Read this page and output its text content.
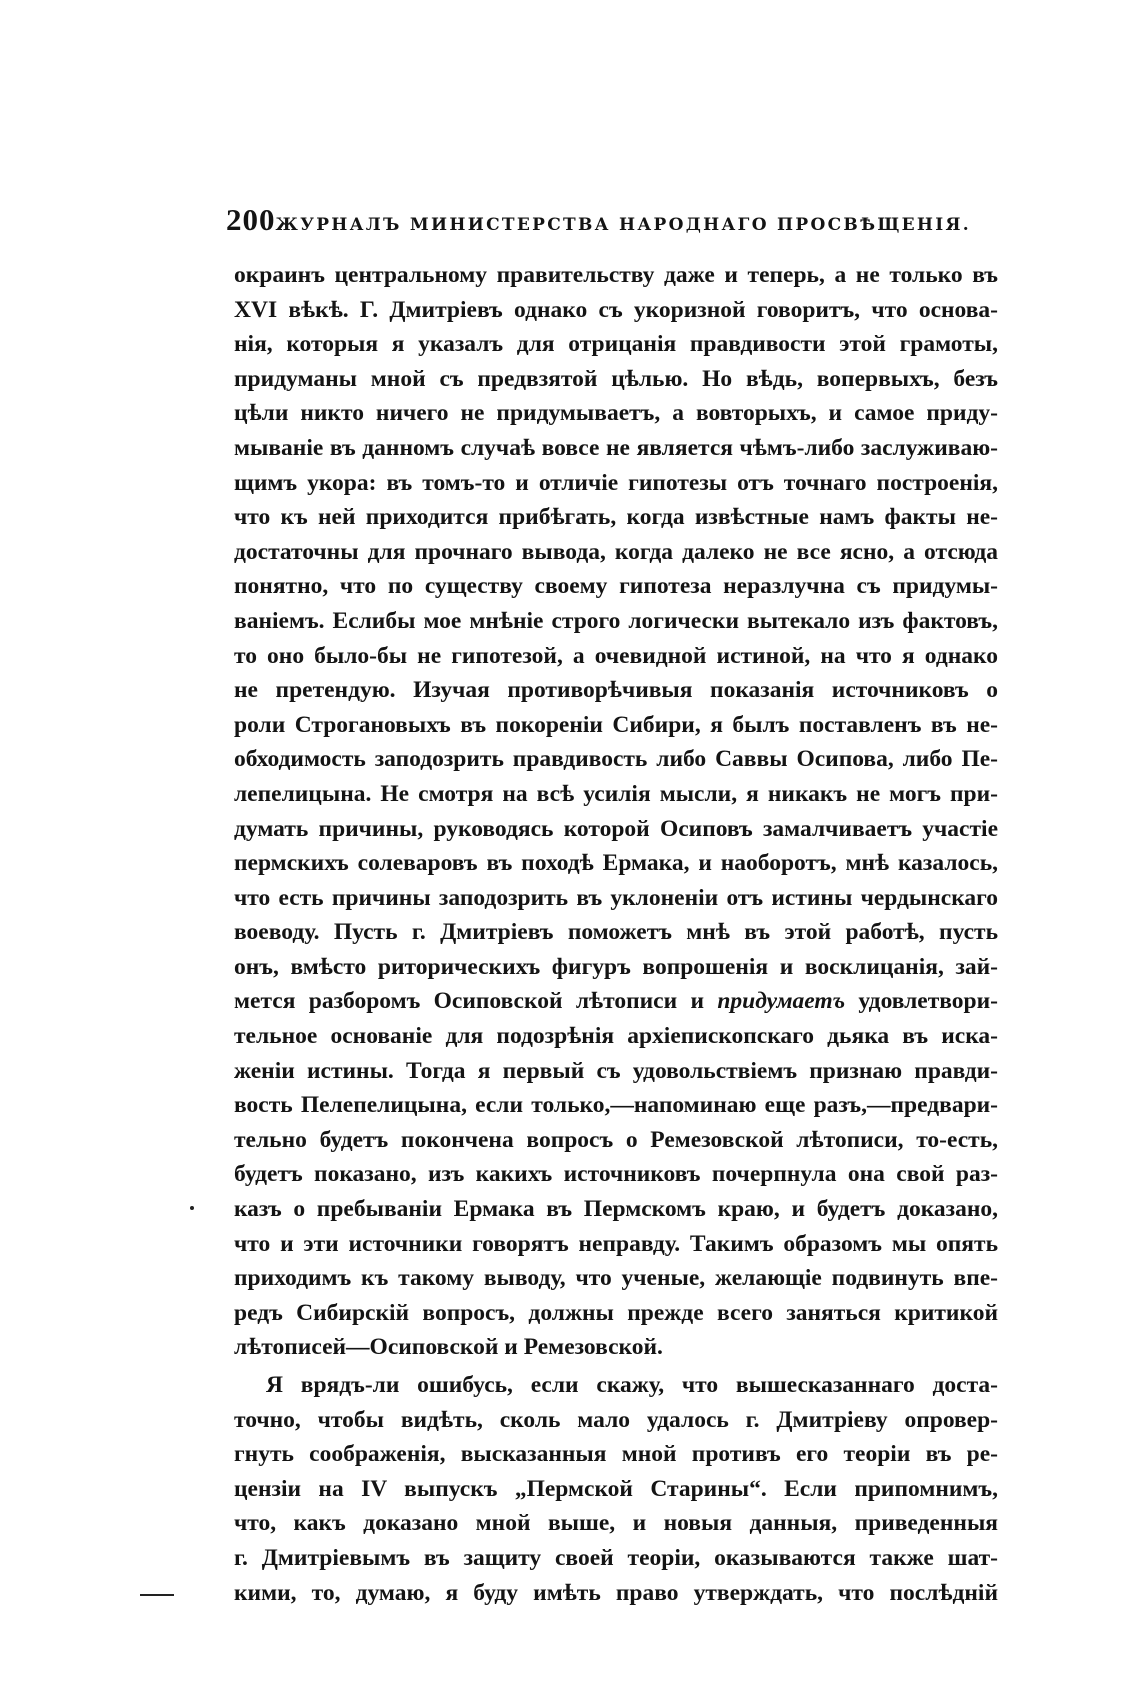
200 ЖУРНАЛЪ МИНИСТЕРСТВА НАРОДНАГО ПРОСВѢЩЕНІЯ.
окраинъ центральному правительству даже и теперь, а не только въ
XVI вѣкѣ. Г. Дмитріевъ однако съ укоризной говоритъ, что основа-
нія, которыя я указалъ для отрицанія правдивости этой грамоты,
придуманы мной съ предвзятой цѣлью. Но вѣдь, вопервыхъ, безъ
цѣли никто ничего не придумываетъ, а вовторыхъ, и самое приду-
мываніе въ данномъ случаѣ вовсе не является чѣмъ-либо заслуживаю-
щимъ укора: въ томъ-то и отличіе гипотезы отъ точнаго построенія,
что къ ней приходится прибѣгать, когда извѣстные намъ факты не-
достаточны для прочнаго вывода, когда далеко не все ясно, а отсюда
понятно, что по существу своему гипотеза неразлучна съ придумы-
ваніемъ. Еслибы мое мнѣніе строго логически вытекало изъ фактовъ,
то оно было-бы не гипотезой, а очевидной истиной, на что я однако
не претендую. Изучая противорѣчивыя показанія источниковъ о
роли Строгановыхъ въ покореніи Сибири, я былъ поставленъ въ не-
обходимость заподозрить правдивость либо Саввы Осипова, либо Пе-
лепелицына. Не смотря на всѣ усилія мысли, я никакъ не могъ при-
думать причины, руководясь которой Осиповъ замалчиваетъ участіе
пермскихъ солеваровъ въ походѣ Ермака, и наоборотъ, мнѣ казалось,
что есть причины заподозрить въ уклоненіи отъ истины чердынскаго
воеводу. Пусть г. Дмитріевъ поможетъ мнѣ въ этой работѣ, пусть
онъ, вмѣсто риторическихъ фигуръ вопрошенія и восклицанія, зай-
мется разборомъ Осиповской лѣтописи и придумаетъ удовлетвори-
тельное основаніе для подозрѣнія архіепископскаго дьяка въ иска-
женіи истины. Тогда я первый съ удовольствіемъ признаю правди-
вость Пелепелицына, если только,—напоминаю еще разъ,—предвари-
тельно будетъ покончена вопросъ о Ремезовской лѣтописи, то-есть,
будетъ показано, изъ какихъ источниковъ почерпнула она свой раз-
казъ о пребываніи Ермака въ Пермскомъ краю, и будетъ доказано,
что и эти источники говорятъ неправду. Такимъ образомъ мы опять
приходимъ къ такому выводу, что ученые, желающіе подвинуть впе-
редъ Сибирскій вопросъ, должны прежде всего заняться критикой
лѣтописей—Осиповской и Ремезовской.
Я врядъ-ли ошибусь, если скажу, что вышесказаннаго доста-
точно, чтобы видѣть, сколь мало удалось г. Дмитріеву опровер-
гнуть соображенія, высказанныя мной противъ его теоріи въ ре-
цензіи на IV выпускъ „Пермской Старины“. Если припомнимъ,
что, какъ доказано мной выше, и новыя данныя, приведенныя
г. Дмитріевымъ въ защиту своей теоріи, оказываются также шат-
кими, то, думаю, я буду имѣть право утверждать, что послѣдній
